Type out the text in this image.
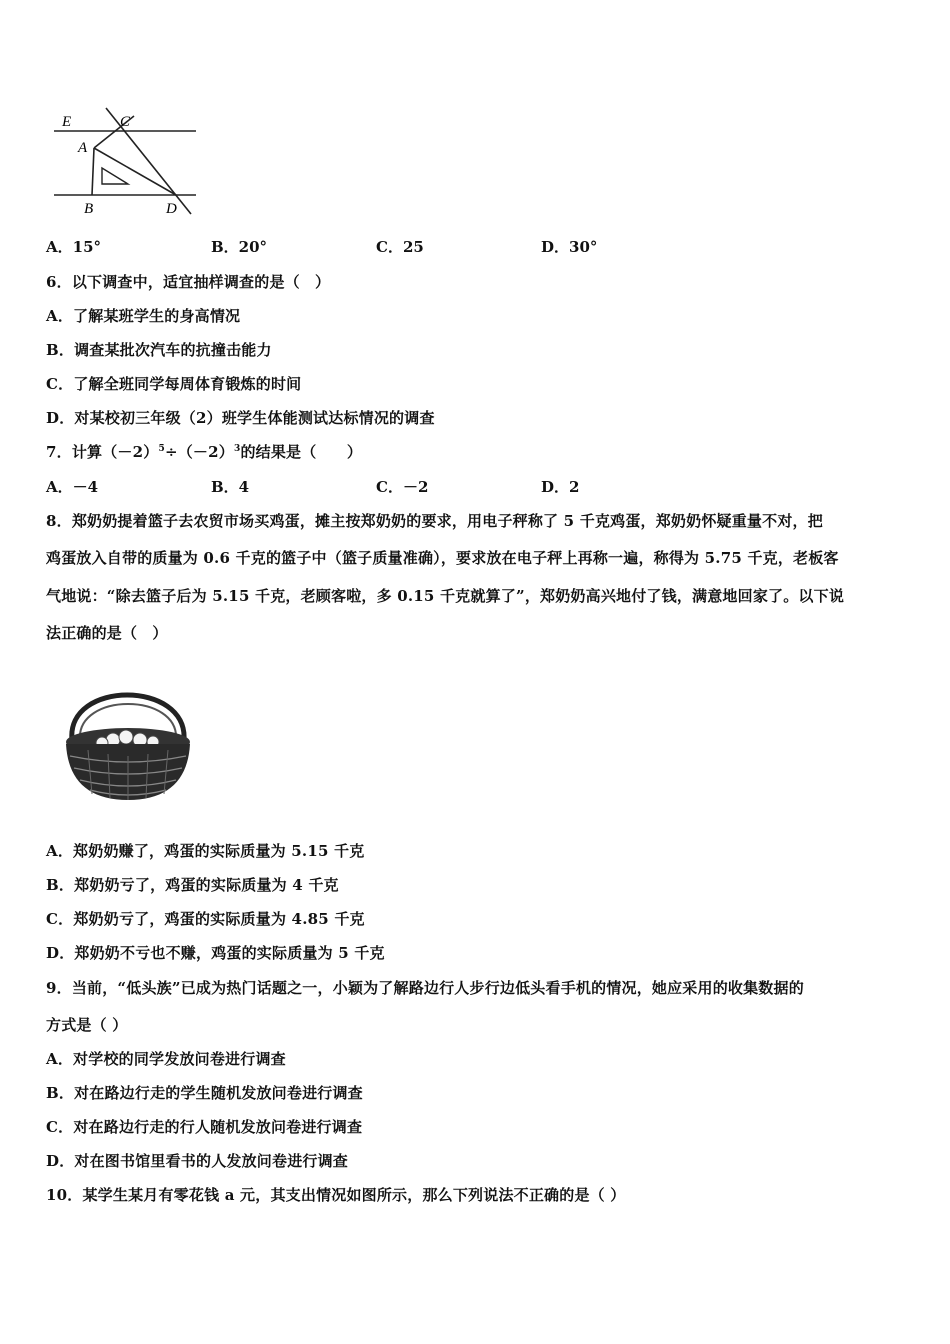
E	C
A
B	D
A．15°	B．20°	C．25	D．30°
6．以下调查中，适宜抽样调查的是（　）
A．了解某班学生的身高情况
B．调查某批次汽车的抗撞击能力
C．了解全班同学每周体育锻炼的时间
D．对某校初三年级（2）班学生体能测试达标情况的调查
7．计算$(-2)^5\div(-2)^3$的结果是（　　）
A．－4	B．4	C．－2	D．2
8．郑奶奶提着篮子去农贸市场买鸡蛋，摊主按郑奶奶的要求，用电子秤称了 5 千克鸡蛋，郑奶奶怀疑重量不对，把
鸡蛋放入自带的质量为 0.6 千克的篮子中（篮子质量准确），要求放在电子秤上再称一遍，称得为 5.75 千克，老板客
气地说：“除去篮子后为 5.15 千克，老顾客啦，多 0.15 千克就算了”，郑奶奶高兴地付了钱，满意地回家了。以下说
法正确的是（　）
A．郑奶奶赚了，鸡蛋的实际质量为 5.15 千克
B．郑奶奶亏了，鸡蛋的实际质量为 4 千克
C．郑奶奶亏了，鸡蛋的实际质量为 4.85 千克
D．郑奶奶不亏也不赚，鸡蛋的实际质量为 5 千克
9．当前，“低头族”已成为热门话题之一，小颖为了解路边行人步行边低头看手机的情况，她应采用的收集数据的
方式是（ ）
A．对学校的同学发放问卷进行调查
B．对在路边行走的学生随机发放问卷进行调查
C．对在路边行走的行人随机发放问卷进行调查
D．对在图书馆里看书的人发放问卷进行调查
10．某学生某月有零花钱 a 元，其支出情况如图所示，那么下列说法不正确的是（ ）
